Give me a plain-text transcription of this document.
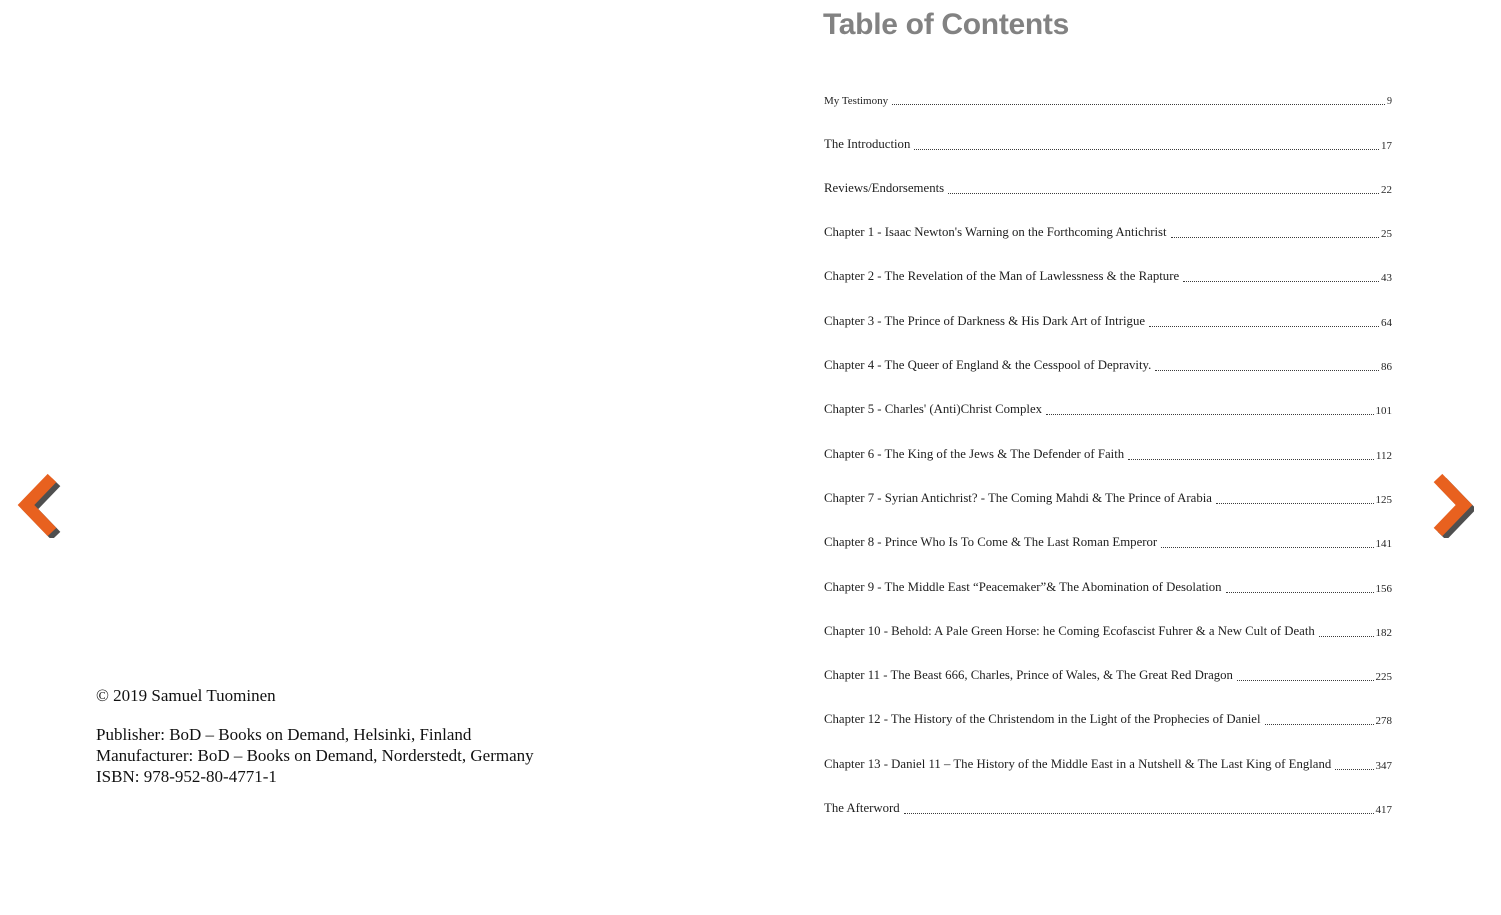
© 2019 Samuel Tuominen
Publisher: BoD – Books on Demand, Helsinki, Finland
Manufacturer: BoD – Books on Demand, Norderstedt, Germany
ISBN: 978-952-80-4771-1
Table of Contents
My Testimony	9
The Introduction	17
Reviews/Endorsements	22
Chapter 1 - Isaac Newton's Warning on the Forthcoming Antichrist	25
Chapter 2 - The Revelation of the Man of Lawlessness & the Rapture	43
Chapter 3 - The Prince of Darkness & His Dark Art of Intrigue	64
Chapter 4 - The Queer of England & the Cesspool of Depravity.	86
Chapter 5 - Charles' (Anti)Christ Complex	101
Chapter 6 - The King of the Jews & The Defender of Faith	112
Chapter 7 - Syrian Antichrist? - The Coming Mahdi & The Prince of Arabia	125
Chapter 8 - Prince Who Is To Come & The Last Roman Emperor	141
Chapter 9 - The Middle East “Peacemaker”& The Abomination of Desolation	156
Chapter 10 - Behold: A Pale Green Horse: he Coming Ecofascist Fuhrer & a New Cult of Death	182
Chapter 11 - The Beast 666, Charles, Prince of Wales, & The Great Red Dragon	225
Chapter 12 - The History of the Christendom in the Light of the Prophecies of Daniel	278
Chapter 13 - Daniel 11 – The History of the Middle East in a Nutshell & The Last King of England	347
The Afterword	417
